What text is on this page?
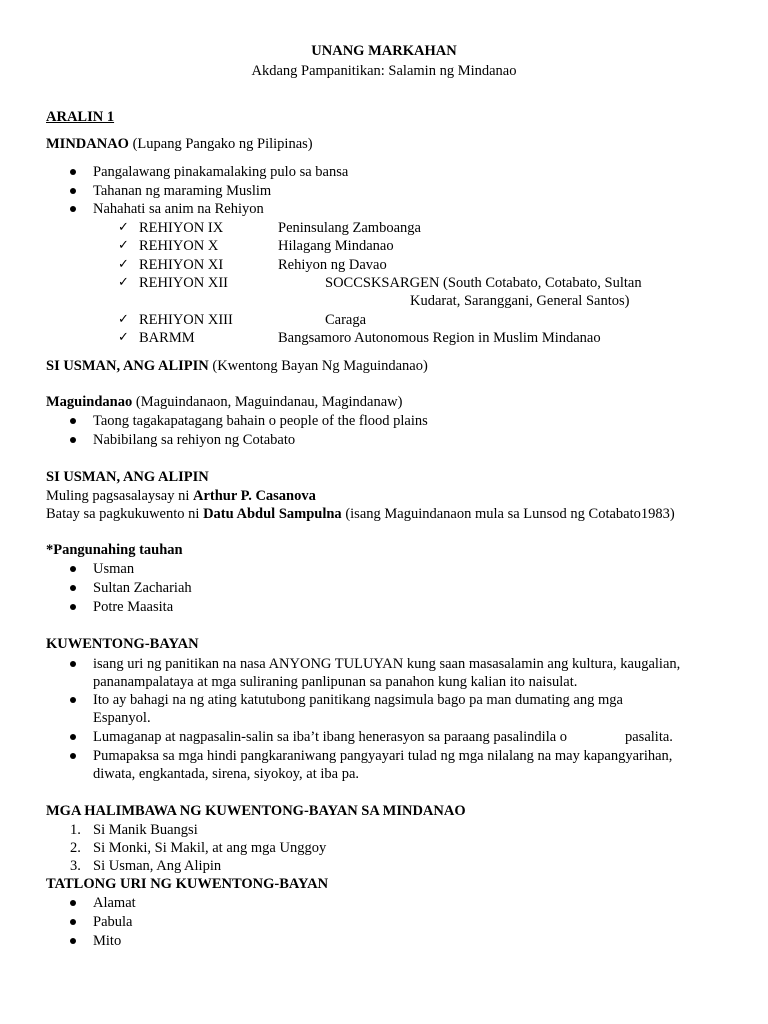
UNANG MARKAHAN
Akdang Pampanitikan: Salamin ng Mindanao
ARALIN 1
MINDANAO (Lupang Pangako ng Pilipinas)
Pangalawang pinakamalaking pulo sa bansa
Tahanan ng maraming Muslim
Nahahati sa anim na Rehiyon
✓ REHIYON IX	Peninsulang Zamboanga
✓ REHIYON X	Hilagang Mindanao
✓ REHIYON XI	Rehiyon ng Davao
✓ REHIYON XII	SOCCSKSARGEN (South Cotabato, Cotabato, Sultan
Kudarat, Saranggani, General Santos)
✓ REHIYON XIII	Caraga
✓ BARMM	Bangsamoro Autonomous Region in Muslim Mindanao
SI USMAN, ANG ALIPIN (Kwentong Bayan Ng Maguindanao)
Maguindanao (Maguindanaon, Maguindanau, Magindanaw)
Taong tagakapatagang bahain o people of the flood plains
Nabibilang sa rehiyon ng Cotabato
SI USMAN, ANG ALIPIN
Muling pagsasalaysay ni Arthur P. Casanova
Batay sa pagkukuwento ni Datu Abdul Sampulna (isang Maguindanaon mula sa Lunsod ng Cotabato1983)
*Pangunahing tauhan
Usman
Sultan Zachariah
Potre Maasita
KUWENTONG-BAYAN
isang uri ng panitikan na nasa ANYONG TULUYAN kung saan masasalamin ang kultura, kaugalian,
pananampalataya at mga suliraning panlipunan sa panahon kung kalian ito naisulat.
Ito ay bahagi na ng ating katutubong panitikang nagsimula bago pa man dumating ang mga
Espanyol.
Lumaganap at nagpasalin-salin sa iba’t ibang henerasyon sa paraang pasalindila o	pasalita.
Pumapaksa sa mga hindi pangkaraniwang pangyayari tulad ng mga nilalang na may kapangyarihan,
diwata, engkantada, sirena, siyokoy, at iba pa.
MGA HALIMBAWA NG KUWENTONG-BAYAN SA MINDANAO
1. Si Manik Buangsi
2. Si Monki, Si Makil, at ang mga Unggoy
3. Si Usman, Ang Alipin
TATLONG URI NG KUWENTONG-BAYAN
Alamat
Pabula
Mito
